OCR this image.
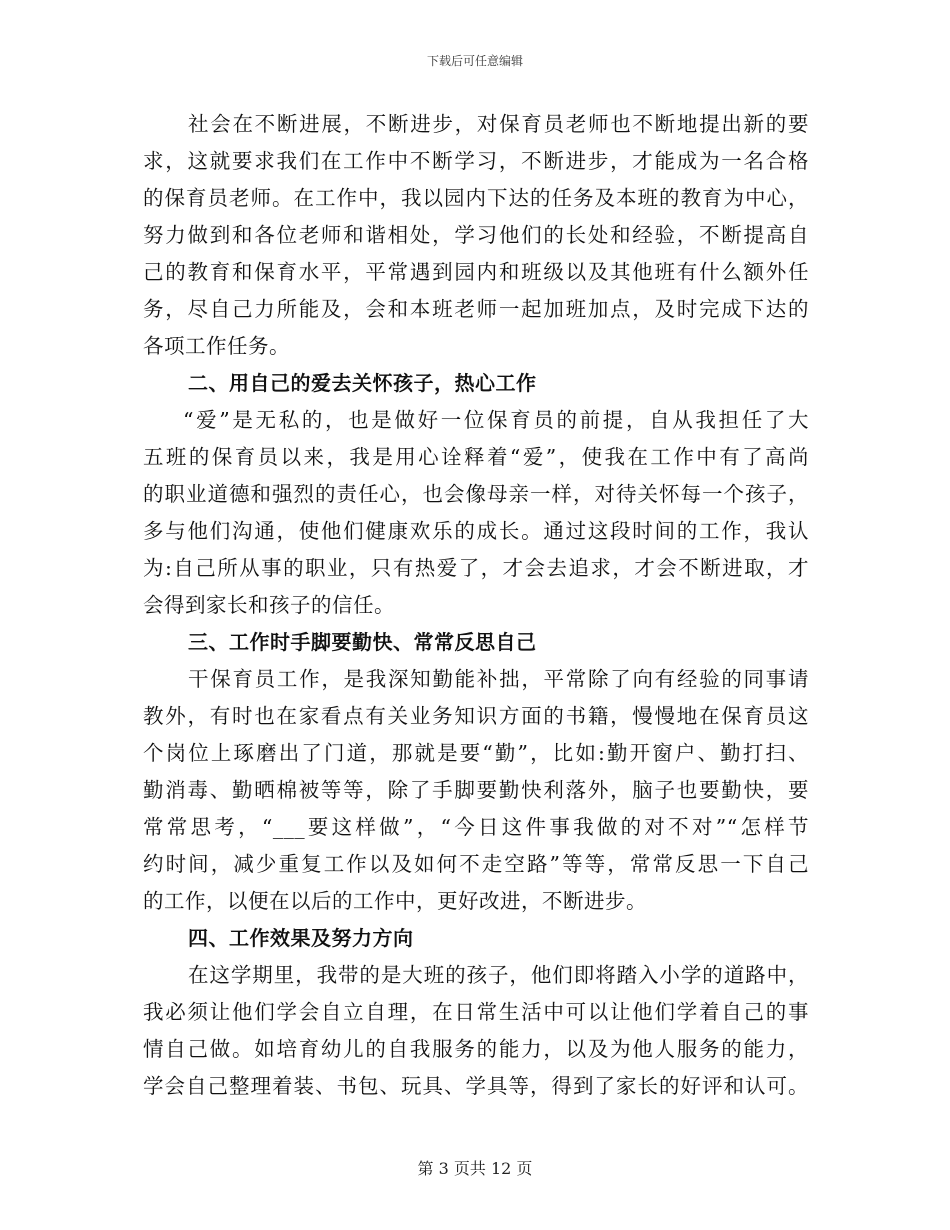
下载后可任意编辑
社会在不断进展，不断进步，对保育员老师也不断地提出新的要
求，这就要求我们在工作中不断学习，不断进步，才能成为一名合格
的保育员老师。在工作中，我以园内下达的任务及本班的教育为中心，
努力做到和各位老师和谐相处，学习他们的长处和经验，不断提高自
己的教育和保育水平，平常遇到园内和班级以及其他班有什么额外任
务，尽自己力所能及，会和本班老师一起加班加点，及时完成下达的
各项工作任务。
二、用自己的爱去关怀孩子，热心工作
“爱”是无私的，也是做好一位保育员的前提，自从我担任了大
五班的保育员以来，我是用心诠释着“爱”，使我在工作中有了高尚
的职业道德和强烈的责任心，也会像母亲一样，对待关怀每一个孩子，
多与他们沟通，使他们健康欢乐的成长。通过这段时间的工作，我认
为:自己所从事的职业，只有热爱了，才会去追求，才会不断进取，才
会得到家长和孩子的信任。
三、工作时手脚要勤快、常常反思自己
干保育员工作，是我深知勤能补拙，平常除了向有经验的同事请
教外，有时也在家看点有关业务知识方面的书籍，慢慢地在保育员这
个岗位上琢磨出了门道，那就是要“勤”，比如:勤开窗户、勤打扫、
勤消毒、勤晒棉被等等，除了手脚要勤快利落外，脑子也要勤快，要
常常思考，“___要这样做”，“今日这件事我做的对不对”“怎样节
约时间，减少重复工作以及如何不走空路”等等，常常反思一下自己
的工作，以便在以后的工作中，更好改进，不断进步。
四、工作效果及努力方向
在这学期里，我带的是大班的孩子，他们即将踏入小学的道路中，
我必须让他们学会自立自理，在日常生活中可以让他们学着自己的事
情自己做。如培育幼儿的自我服务的能力，以及为他人服务的能力，
学会自己整理着装、书包、玩具、学具等，得到了家长的好评和认可。
第 3 页共 12 页
